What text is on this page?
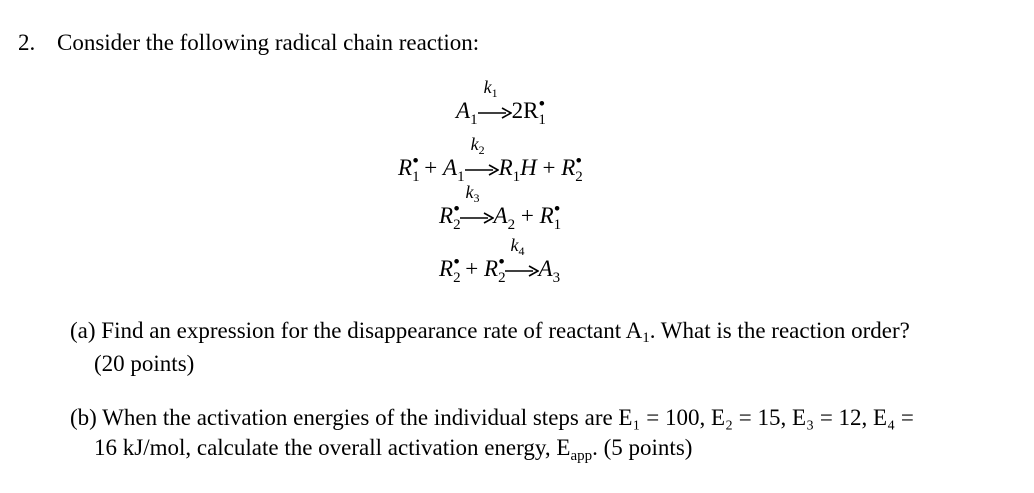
2. Consider the following radical chain reaction:
$A_1$
$k_1$
$2R_1^•$
$R_1^• + A_1$
$k_2$
$R_1H + R_2^•$
$R_2^•$
$k_3$
$A_2 + R_1^•$
$R_2^• + R_2^•$
$k_4$
$A_3$
(a) Find an expression for the disappearance rate of reactant A1. What is the reaction order?
(20 points)
(b) When the activation energies of the individual steps are E₁ = 100, E₂ = 15, E₃ = 12, E₄ =
16 kJ/mol, calculate the overall activation energy, $E_{app}$. (5 points)
